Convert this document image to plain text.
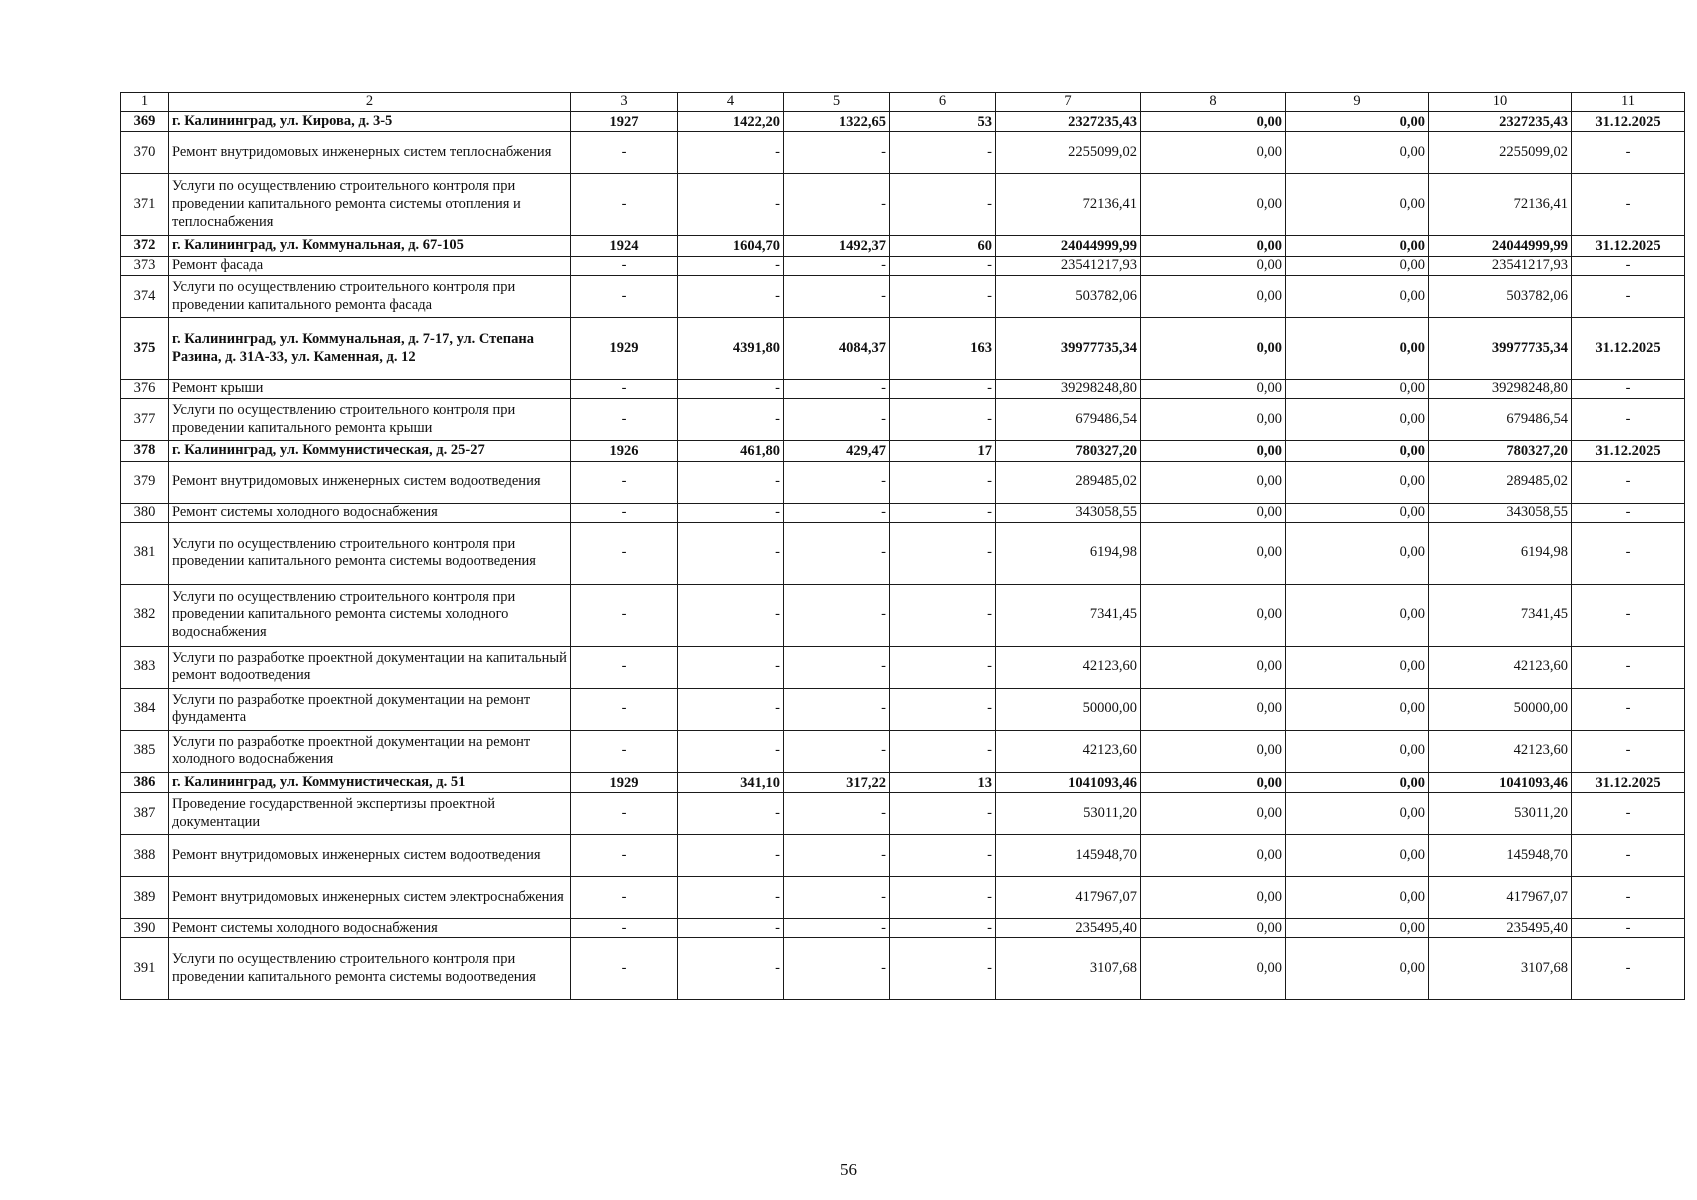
1	2	3	4	5	6	7	8	9	10	11
369	г. Калининград, ул. Кирова, д. 3-5	1927	1422,20	1322,65	53	2327235,43	0,00	0,00	2327235,43	31.12.2025
370	Ремонт внутридомовых инженерных систем теплоснабжения	-	-	-	-	2255099,02	0,00	0,00	2255099,02	-
371	Услуги по осуществлению строительного контроля при проведении капитального ремонта системы отопления и теплоснабжения	-	-	-	-	72136,41	0,00	0,00	72136,41	-
372	г. Калининград, ул. Коммунальная, д. 67-105	1924	1604,70	1492,37	60	24044999,99	0,00	0,00	24044999,99	31.12.2025
373	Ремонт фасада	-	-	-	-	23541217,93	0,00	0,00	23541217,93	-
374	Услуги по осуществлению строительного контроля при проведении капитального ремонта фасада	-	-	-	-	503782,06	0,00	0,00	503782,06	-
375	г. Калининград, ул. Коммунальная, д. 7-17, ул. Степана Разина, д. 31А-33, ул. Каменная, д. 12	1929	4391,80	4084,37	163	39977735,34	0,00	0,00	39977735,34	31.12.2025
376	Ремонт крыши	-	-	-	-	39298248,80	0,00	0,00	39298248,80	-
377	Услуги по осуществлению строительного контроля при проведении капитального ремонта крыши	-	-	-	-	679486,54	0,00	0,00	679486,54	-
378	г. Калининград, ул. Коммунистическая, д. 25-27	1926	461,80	429,47	17	780327,20	0,00	0,00	780327,20	31.12.2025
379	Ремонт внутридомовых инженерных систем водоотведения	-	-	-	-	289485,02	0,00	0,00	289485,02	-
380	Ремонт системы холодного водоснабжения	-	-	-	-	343058,55	0,00	0,00	343058,55	-
381	Услуги по осуществлению строительного контроля при проведении капитального ремонта системы водоотведения	-	-	-	-	6194,98	0,00	0,00	6194,98	-
382	Услуги по осуществлению строительного контроля при проведении капитального ремонта системы холодного водоснабжения	-	-	-	-	7341,45	0,00	0,00	7341,45	-
383	Услуги по разработке проектной документации на капитальный ремонт водоотведения	-	-	-	-	42123,60	0,00	0,00	42123,60	-
384	Услуги по разработке проектной документации на ремонт фундамента	-	-	-	-	50000,00	0,00	0,00	50000,00	-
385	Услуги по разработке проектной документации на ремонт холодного водоснабжения	-	-	-	-	42123,60	0,00	0,00	42123,60	-
386	г. Калининград, ул. Коммунистическая, д. 51	1929	341,10	317,22	13	1041093,46	0,00	0,00	1041093,46	31.12.2025
387	Проведение государственной экспертизы проектной документации	-	-	-	-	53011,20	0,00	0,00	53011,20	-
388	Ремонт внутридомовых инженерных систем водоотведения	-	-	-	-	145948,70	0,00	0,00	145948,70	-
389	Ремонт внутридомовых инженерных систем электроснабжения	-	-	-	-	417967,07	0,00	0,00	417967,07	-
390	Ремонт системы холодного водоснабжения	-	-	-	-	235495,40	0,00	0,00	235495,40	-
391	Услуги по осуществлению строительного контроля при проведении капитального ремонта системы водоотведения	-	-	-	-	3107,68	0,00	0,00	3107,68	-
56
